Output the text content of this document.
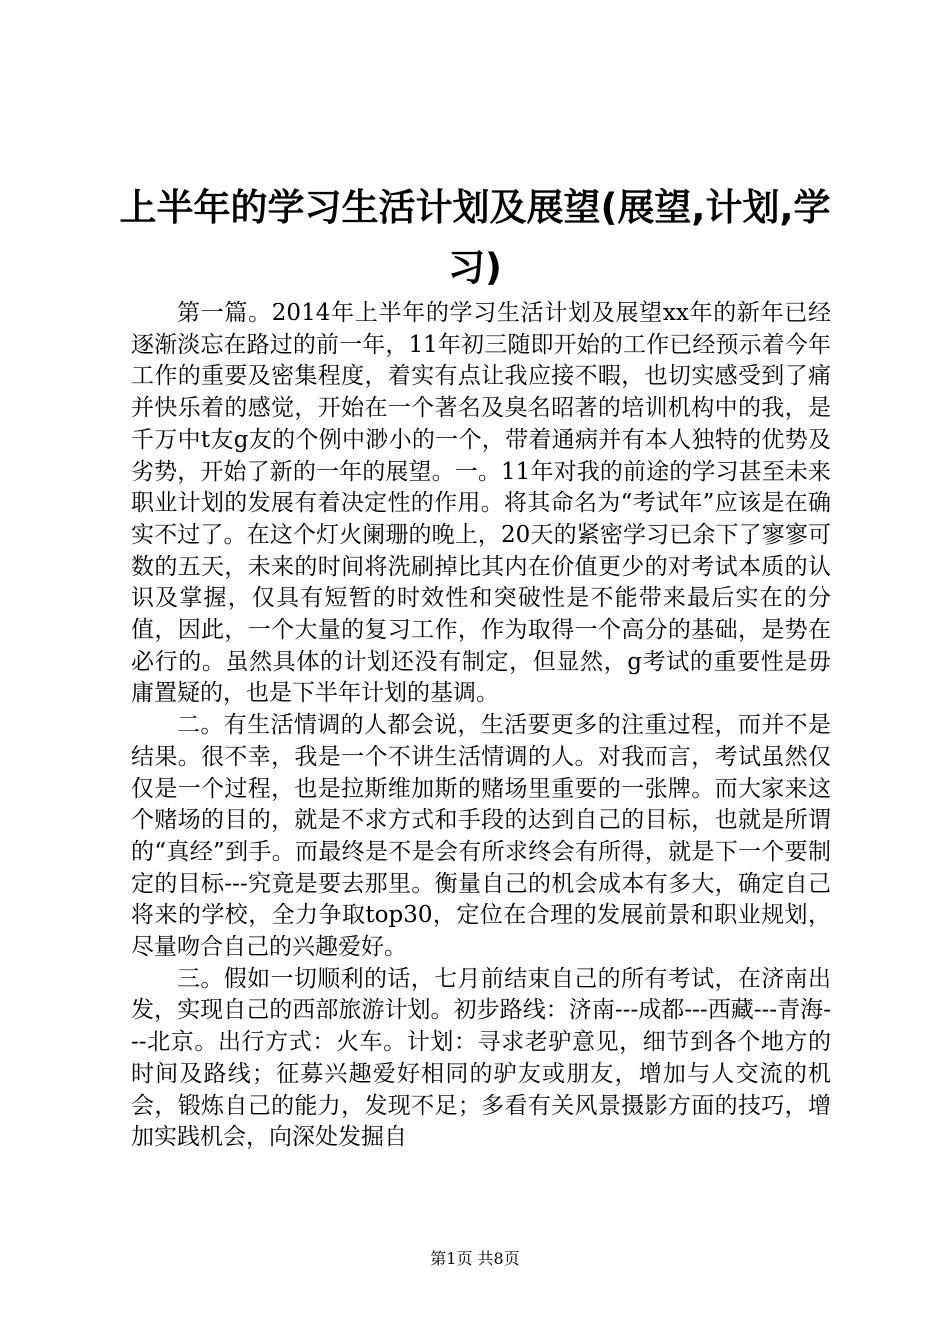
上半年的学习生活计划及展望(展望,计划,学
习)

第一篇。2014年上半年的学习生活计划及展望xx年的新年已经逐渐淡忘在路过的前一年，11年初三随即开始的工作已经预示着今年工作的重要及密集程度，着实有点让我应接不暇，也切实感受到了痛并快乐着的感觉，开始在一个著名及臭名昭著的培训机构中的我，是千万中t友g友的个例中渺小的一个，带着通病并有本人独特的优势及劣势，开始了新的一年的展望。一。11年对我的前途的学习甚至未来职业计划的发展有着决定性的作用。将其命名为“考试年”应该是在确实不过了。在这个灯火阑珊的晚上，20天的紧密学习已余下了寥寥可数的五天，未来的时间将洗刷掉比其内在价值更少的对考试本质的认识及掌握，仅具有短暂的时效性和突破性是不能带来最后实在的分值，因此，一个大量的复习工作，作为取得一个高分的基础，是势在必行的。虽然具体的计划还没有制定，但显然，g考试的重要性是毋庸置疑的，也是下半年计划的基调。

二。有生活情调的人都会说，生活要更多的注重过程，而并不是结果。很不幸，我是一个不讲生活情调的人。对我而言，考试虽然仅仅是一个过程，也是拉斯维加斯的赌场里重要的一张牌。而大家来这个赌场的目的，就是不求方式和手段的达到自己的目标，也就是所谓的“真经”到手。而最终是不是会有所求终会有所得，就是下一个要制定的目标---究竟是要去那里。衡量自己的机会成本有多大，确定自己将来的学校，全力争取top30，定位在合理的发展前景和职业规划，尽量吻合自己的兴趣爱好。

三。假如一切顺利的话，七月前结束自己的所有考试，在济南出发，实现自己的西部旅游计划。初步路线：济南---成都---西藏---青海---北京。出行方式：火车。计划：寻求老驴意见，细节到各个地方的时间及路线；征募兴趣爱好相同的驴友或朋友，增加与人交流的机会，锻炼自己的能力，发现不足；多看有关风景摄影方面的技巧，增加实践机会，向深处发掘自

第1页 共8页
